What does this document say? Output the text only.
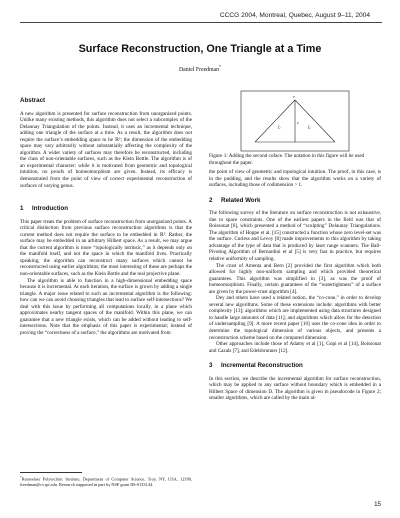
CCCG 2004, Montreal, Quebec, August 9–11, 2004
Surface Reconstruction, One Triangle at a Time
Daniel Freedman*
Abstract

A new algorithm is presented for surface reconstruction from unorganized points. Unlike many existing methods, this algorithm does not select a subcomplex of the Delaunay Triangulation of the points. Instead, it uses an incremental technique, adding one triangle of the surface at a time. As a result, the algorithm does not require the surface’s embedding space to be ℝ³; the dimension of the embedding space may vary arbitrarily without substantially affecting the complexity of the algorithm. A wider variety of surfaces may therefore be reconstructed, including the class of non-orientable surfaces, such as the Klein Bottle. The algorithm is of an experimental character: while it is motivated from geometric and topological intuition, no proofs of homeomorphism are given. Instead, its efficacy is demonstrated from the point of view of correct experimental reconstruction of surfaces of varying genus.

1 Introduction

This paper treats the problem of surface reconstruction from unorganized points. A critical distinction from previous surface reconstruction algorithms is that the current method does not require the surface to be embedded in ℝ³. Rather, the surface may be embedded in an arbitrary Hilbert space. As a result, we may argue that the current algorithm is more “topologically intrinsic,” as it depends only on the manifold itself, and not the space in which the manifold lives. Practically speaking, the algorithm can reconstruct many surfaces which cannot be reconstructed using earlier algorithms; the most interesting of these are perhaps the non-orientable surfaces, such as the Klein Bottle and the real projective plane.

The algorithm is able to function in a high-dimensional embedding space because it is incremental. At each iteration, the surface is grown by adding a single triangle. A major issue related to such an incremental algorithm is the following: how can we can avoid choosing triangles that lead to surface self-intersections? We deal with this issue by performing all computations locally, in a plane which approximates nearby tangent spaces of the manifold. Within this plane, we can guarantee that a new triangle exists, which can be added without leading to self-intersections. Note that the emphasis of this paper is experimental; instead of proving the “correctness of a surface,” the algorithms are motivated from

v
f₁
e
f₂
Figure 1: Adding the second coface. The notation in this figure will be used throughout the paper.

the point of view of geometric and topological intuition. The proof, in this case, is in the pudding, and the results show that the algorithm works on a variety of surfaces, including those of codimension > 1.

2 Related Work

The following survey of the literature on surface reconstruction is not exhaustive, due to space constraints. One of the earliest papers in the field was that of Boissonat [6], which presented a method of “sculpting” Delaunay Triangulations. The algorithm of Hoppe et al. [15] constructed a function whose zero level-set was the surface. Curless and Levoy [8] made improvements to this algorithm by taking advantage of the type of data that is produced by laser range scanners. The Ball-Pivoting Algorithm of Bernardini et al [5] is very fast in practice, but requires relative uniformity of sampling.

The crust of Amenta and Bern [2] provided the first algorithm which both allowed for highly non-uniform sampling and which provided theoretical guarantees. This algorithm was simplified in [3], as was the proof of homeomorphism. Finally, certain guarantees of the “watertightness” of a surface are given by the power-crust algorithm [4].

Dey and others have used a related notion, the “co-cone,” in order to develop several new algorithms. Some of these extensions include: algorithms with better complexity [13]; algorithms which are implemented using data structures designed to handle large amounts of data [11]; and algorithms which allow for the detection of undersampling [9]. A more recent paper [10] uses the co-cone idea in order to determine the topological dimension of various objects, and presents a reconstruction scheme based on the computed dimension.

Other approaches include those of Adamy et al [1], Gopi et al [14], Boissonat and Cazals [7], and Edelsbrunner [12].

3 Incremental Reconstruction

In this section, we describe the incremental algorithm for surface reconstruction, which may be applied to any surface without boundary which is embedded in a Hilbert Space of dimension D. The algorithm is given in pseudocode in Figure 2; smaller algorithms, which are called by the main al-

*Rensselaer Polytechnic Institute, Department of Computer Science, Troy, NY, USA, 12180, freedman@cs.rpi.edu. Research supported in part by NSF grant IIS-0133144.
15
